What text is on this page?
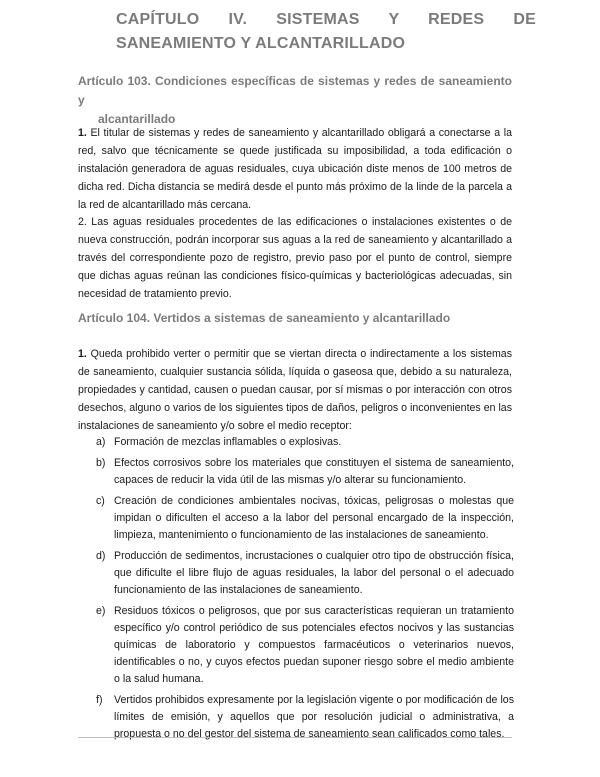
CAPÍTULO IV. SISTEMAS Y REDES DE SANEAMIENTO Y ALCANTARILLADO
Artículo 103. Condiciones específicas de sistemas y redes de saneamiento y
alcantarillado

1. El titular de sistemas y redes de saneamiento y alcantarillado obligará a conectarse a la red, salvo que técnicamente se quede justificada su imposibilidad, a toda edificación o instalación generadora de aguas residuales, cuya ubicación diste menos de 100 metros de dicha red. Dicha distancia se medirá desde el punto más próximo de la linde de la parcela a la red de alcantarillado más cercana.

2. Las aguas residuales procedentes de las edificaciones o instalaciones existentes o de nueva construcción, podrán incorporar sus aguas a la red de saneamiento y alcantarillado a través del correspondiente pozo de registro, previo paso por el punto de control, siempre que dichas aguas reúnan las condiciones físico-químicas y bacteriológicas adecuadas, sin necesidad de tratamiento previo.

Artículo 104. Vertidos a sistemas de saneamiento y alcantarillado

1. Queda prohibido verter o permitir que se viertan directa o indirectamente a los sistemas de saneamiento, cualquier sustancia sólida, líquida o gaseosa que, debido a su naturaleza, propiedades y cantidad, causen o puedan causar, por sí mismas o por interacción con otros desechos, alguno o varios de los siguientes tipos de daños, peligros o inconvenientes en las instalaciones de saneamiento y/o sobre el medio receptor:

a) Formación de mezclas inflamables o explosivas.
b) Efectos corrosivos sobre los materiales que constituyen el sistema de saneamiento, capaces de reducir la vida útil de las mismas y/o alterar su funcionamiento.
c) Creación de condiciones ambientales nocivas, tóxicas, peligrosas o molestas que impidan o dificulten el acceso a la labor del personal encargado de la inspección, limpieza, mantenimiento o funcionamiento de las instalaciones de saneamiento.
d) Producción de sedimentos, incrustaciones o cualquier otro tipo de obstrucción física, que dificulte el libre flujo de aguas residuales, la labor del personal o el adecuado funcionamiento de las instalaciones de saneamiento.
e) Residuos tóxicos o peligrosos, que por sus características requieran un tratamiento específico y/o control periódico de sus potenciales efectos nocivos y las sustancias químicas de laboratorio y compuestos farmacéuticos o veterinarios nuevos, identificables o no, y cuyos efectos puedan suponer riesgo sobre el medio ambiente o la salud humana.
f) Vertidos prohibidos expresamente por la legislación vigente o por modificación de los límites de emisión, y aquellos que por resolución judicial o administrativa, a propuesta o no del gestor del sistema de saneamiento sean calificados como tales.
